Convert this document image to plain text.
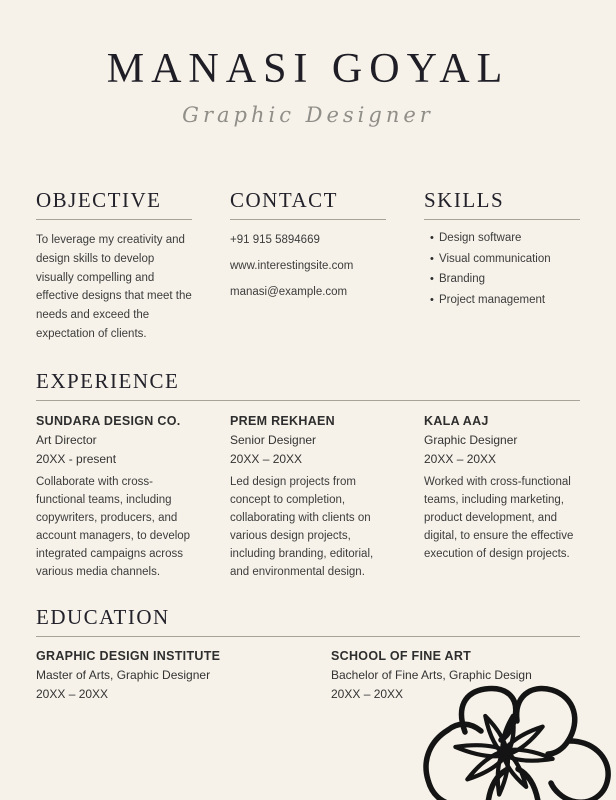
MANASI GOYAL
Graphic Designer
OBJECTIVE
To leverage my creativity and design skills to develop visually compelling and effective designs that meet the needs and exceed the expectation of clients.
CONTACT
+91 915 5894669
www.interestingsite.com
manasi@example.com
SKILLS
• Design software
• Visual communication
• Branding
• Project management
EXPERIENCE
SUNDARA DESIGN CO.
Art Director
20XX - present
Collaborate with cross-functional teams, including copywriters, producers, and account managers, to develop integrated campaigns across various media channels.
PREM REKHAEN
Senior Designer
20XX – 20XX
Led design projects from concept to completion, collaborating with clients on various design projects, including branding, editorial, and environmental design.
KALA AAJ
Graphic Designer
20XX – 20XX
Worked with cross-functional teams, including marketing, product development, and digital, to ensure the effective execution of design projects.
EDUCATION
GRAPHIC DESIGN INSTITUTE
Master of Arts, Graphic Designer
20XX – 20XX
SCHOOL OF FINE ART
Bachelor of Fine Arts, Graphic Design
20XX – 20XX
